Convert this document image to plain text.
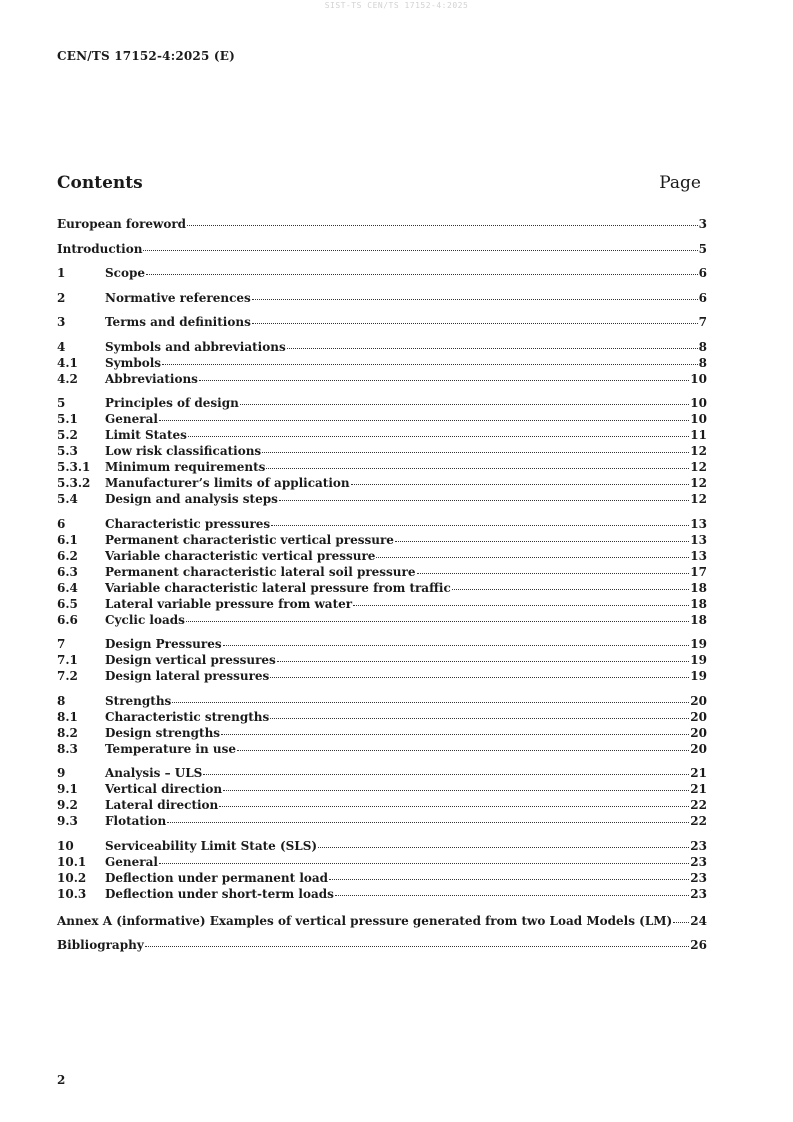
SIST-TS CEN/TS 17152-4:2025
CEN/TS 17152-4:2025 (E)
Contents	Page
European foreword	3
Introduction	5
1	Scope	6
2	Normative references	6
3	Terms and definitions	7
4	Symbols and abbreviations	8
4.1	Symbols	8
4.2	Abbreviations	10
5	Principles of design	10
5.1	General	10
5.2	Limit States	11
5.3	Low risk classifications	12
5.3.1	Minimum requirements	12
5.3.2	Manufacturer’s limits of application	12
5.4	Design and analysis steps	12
6	Characteristic pressures	13
6.1	Permanent characteristic vertical pressure	13
6.2	Variable characteristic vertical pressure	13
6.3	Permanent characteristic lateral soil pressure	17
6.4	Variable characteristic lateral pressure from traffic	18
6.5	Lateral variable pressure from water	18
6.6	Cyclic loads	18
7	Design Pressures	19
7.1	Design vertical pressures	19
7.2	Design lateral pressures	19
8	Strengths	20
8.1	Characteristic strengths	20
8.2	Design strengths	20
8.3	Temperature in use	20
9	Analysis – ULS	21
9.1	Vertical direction	21
9.2	Lateral direction	22
9.3	Flotation	22
10	Serviceability Limit State (SLS)	23
10.1	General	23
10.2	Deflection under permanent load	23
10.3	Deflection under short-term loads	23
Annex A (informative) Examples of vertical pressure generated from two Load Models (LM) 24
Bibliography	26
2
